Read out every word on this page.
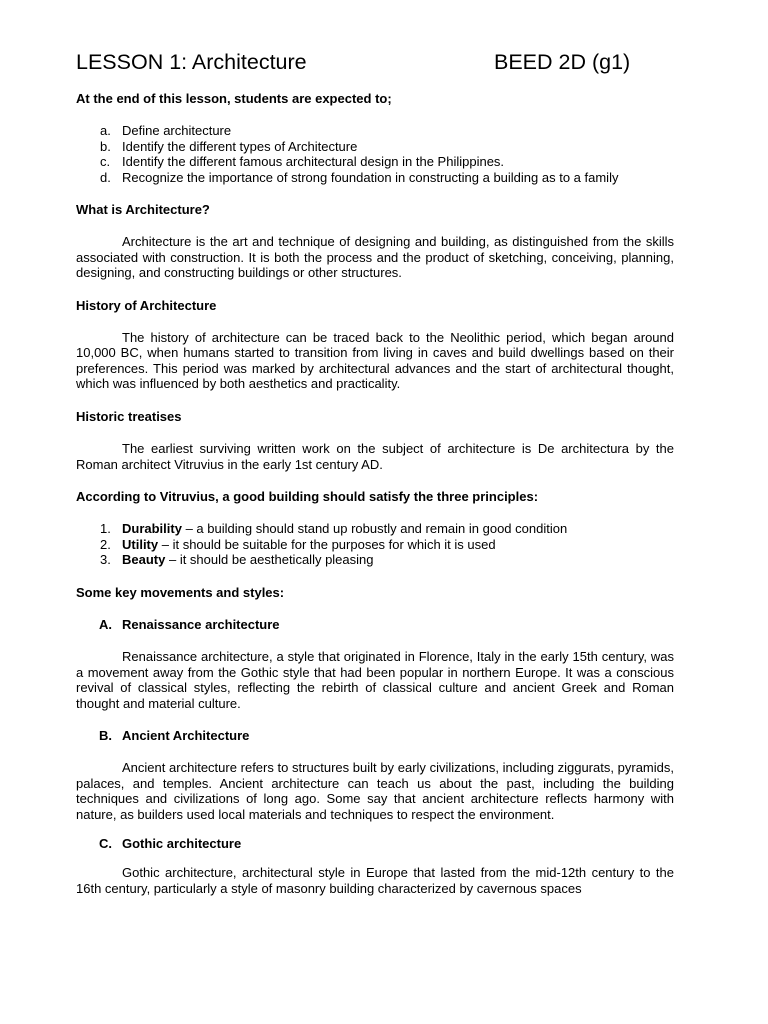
LESSON 1: Architecture	BEED 2D (g1)

At the end of this lesson, students are expected to;

a. Define architecture
b. Identify the different types of Architecture
c. Identify the different famous architectural design in the Philippines.
d. Recognize the importance of strong foundation in constructing a building as to a family

What is Architecture?

Architecture is the art and technique of designing and building, as distinguished from the skills associated with construction. It is both the process and the product of sketching, conceiving, planning, designing, and constructing buildings or other structures.

History of Architecture

The history of architecture can be traced back to the Neolithic period, which began around 10,000 BC, when humans started to transition from living in caves and build dwellings based on their preferences. This period was marked by architectural advances and the start of architectural thought, which was influenced by both aesthetics and practicality.

Historic treatises

The earliest surviving written work on the subject of architecture is De architectura by the Roman architect Vitruvius in the early 1st century AD.

According to Vitruvius, a good building should satisfy the three principles:

1. Durability – a building should stand up robustly and remain in good condition
2. Utility – it should be suitable for the purposes for which it is used
3. Beauty – it should be aesthetically pleasing

Some key movements and styles:

A. Renaissance architecture

Renaissance architecture, a style that originated in Florence, Italy in the early 15th century, was a movement away from the Gothic style that had been popular in northern Europe. It was a conscious revival of classical styles, reflecting the rebirth of classical culture and ancient Greek and Roman thought and material culture.

B. Ancient Architecture

Ancient architecture refers to structures built by early civilizations, including ziggurats, pyramids, palaces, and temples. Ancient architecture can teach us about the past, including the building techniques and civilizations of long ago. Some say that ancient architecture reflects harmony with nature, as builders used local materials and techniques to respect the environment.

C. Gothic architecture

Gothic architecture, architectural style in Europe that lasted from the mid-12th century to the 16th century, particularly a style of masonry building characterized by cavernous spaces
